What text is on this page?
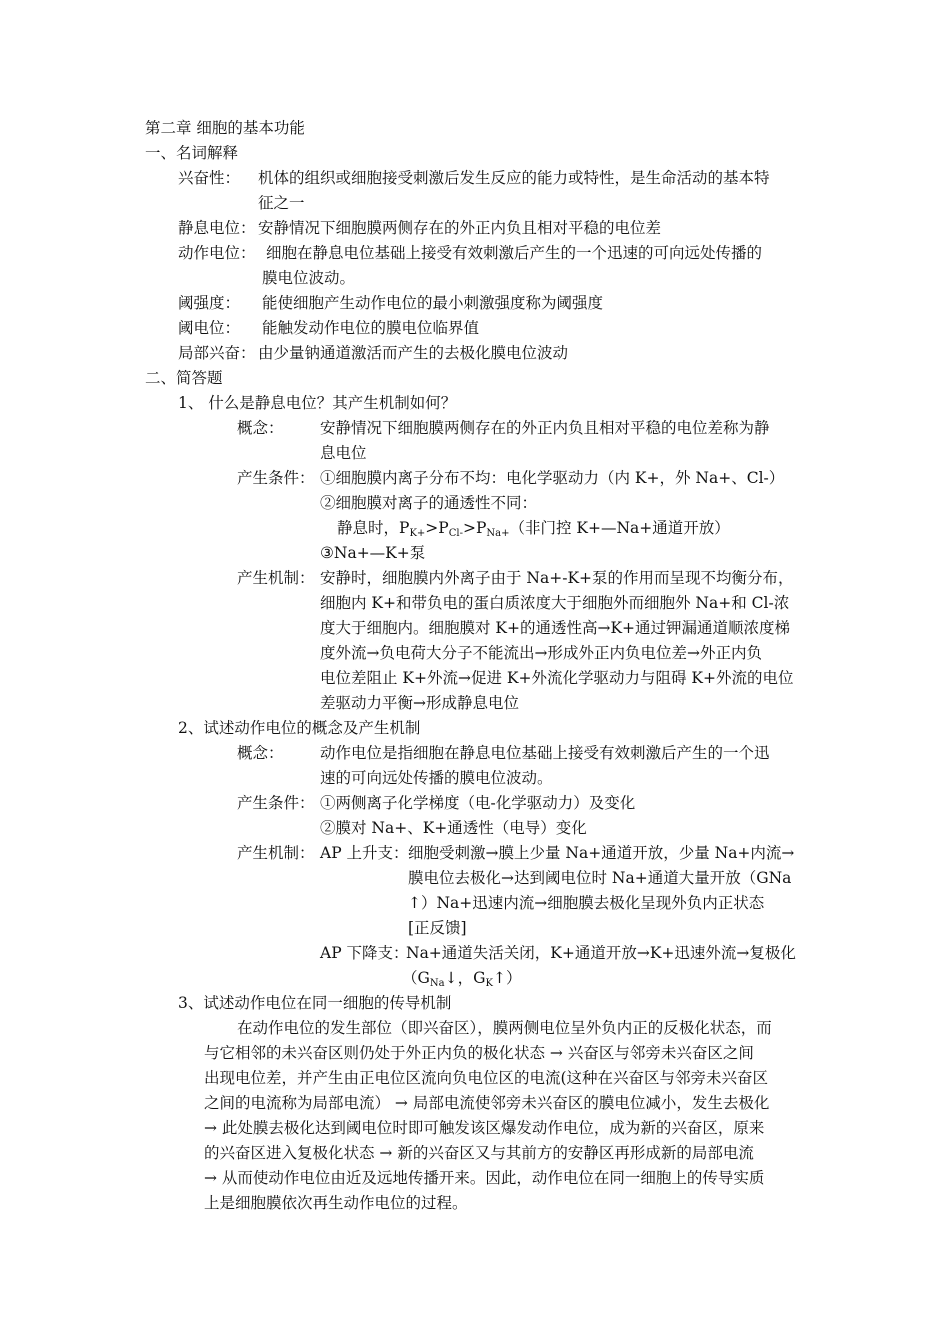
第二章 细胞的基本功能
一、名词解释
兴奋性： 机体的组织或细胞接受刺激后发生反应的能力或特性，是生命活动的基本特
征之一
静息电位： 安静情况下细胞膜两侧存在的外正内负且相对平稳的电位差
动作电位： 细胞在静息电位基础上接受有效刺激后产生的一个迅速的可向远处传播的
膜电位波动。
阈强度： 能使细胞产生动作电位的最小刺激强度称为阈强度
阈电位： 能触发动作电位的膜电位临界值
局部兴奋： 由少量钠通道激活而产生的去极化膜电位波动
二、简答题
1、 什么是静息电位？其产生机制如何？
概念： 安静情况下细胞膜两侧存在的外正内负且相对平稳的电位差称为静
息电位
产生条件： ①细胞膜内离子分布不均：电化学驱动力（内 K+，外 Na+、Cl-）
②细胞膜对离子的通透性不同：
静息时，$P_{K+}>P_{Cl-}>P_{Na+}$（非门控 K+—Na+通道开放）
③Na+—K+泵
产生机制： 安静时，细胞膜内外离子由于 Na+-K+泵的作用而呈现不均衡分布，
细胞内 K+和带负电的蛋白质浓度大于细胞外而细胞外 Na+和 Cl-浓
度大于细胞内。细胞膜对 K+的通透性高→K+通过钾漏通道顺浓度梯
度外流→负电荷大分子不能流出→形成外正内负电位差→外正内负
电位差阻止 K+外流→促进 K+外流化学驱动力与阻碍 K+外流的电位
差驱动力平衡→形成静息电位
2、试述动作电位的概念及产生机制
概念： 动作电位是指细胞在静息电位基础上接受有效刺激后产生的一个迅
速的可向远处传播的膜电位波动。
产生条件： ①两侧离子化学梯度（电-化学驱动力）及变化
②膜对 Na+、K+通透性（电导）变化
产生机制： AP 上升支： 细胞受刺激→膜上少量 Na+通道开放，少量 Na+内流→
膜电位去极化→达到阈电位时 Na+通道大量开放（GNa
↑）Na+迅速内流→细胞膜去极化呈现外负内正状态
[正反馈]
AP 下降支：
Na+通道失活关闭，K+通道开放→K+迅速外流→复极化
（$G_{Na}↓$，$G_K↑$）
3、试述动作电位在同一细胞的传导机制
在动作电位的发生部位（即兴奋区），膜两侧电位呈外负内正的反极化状态，而
与它相邻的未兴奋区则仍处于外正内负的极化状态 → 兴奋区与邻旁未兴奋区之间
出现电位差，并产生由正电位区流向负电位区的电流(这种在兴奋区与邻旁未兴奋区
之间的电流称为局部电流） → 局部电流使邻旁未兴奋区的膜电位减小，发生去极化
→ 此处膜去极化达到阈电位时即可触发该区爆发动作电位，成为新的兴奋区，原来
的兴奋区进入复极化状态 → 新的兴奋区又与其前方的安静区再形成新的局部电流
→ 从而使动作电位由近及远地传播开来。因此，动作电位在同一细胞上的传导实质
上是细胞膜依次再生动作电位的过程。
